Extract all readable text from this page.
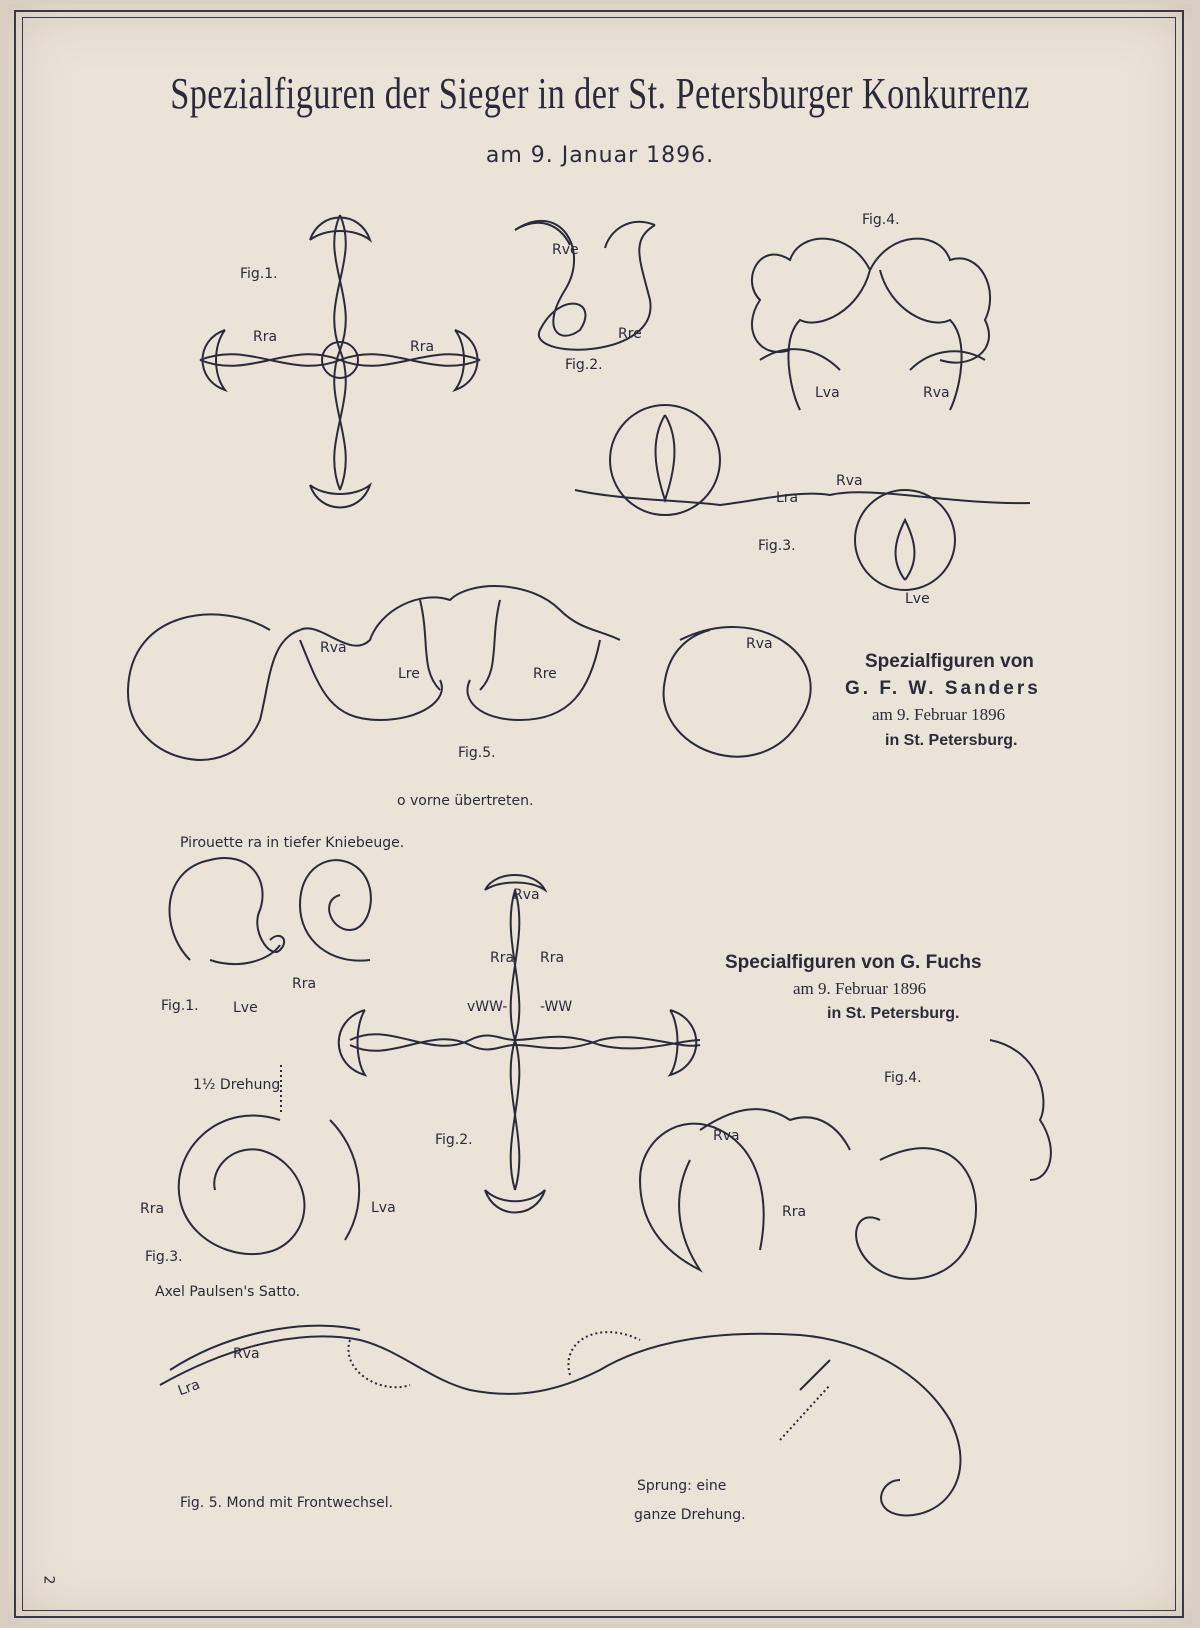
Spezialfiguren der Sieger in der St. Petersburger Konkurrenz
am 9. Januar 1896.
Fig.1.
Fig.2.
Fig.3.
Fig.4.
Fig.5.
o vorne übertreten.
Rra
Rra
Rve
Rre
Lva	Rva
Lra
Rva
Lve
Lre	Rre
Rva	Rva
Spezialfiguren von
G. F. W. Sanders
am 9. Februar 1896
in St. Petersburg.
Pirouette ra in tiefer Kniebeuge.
Fig.1. Lve
Rra
Rva
Rra Rra
vWW- -WW
Fig.2.
Specialfiguren von G. Fuchs
am 9. Februar 1896
in St. Petersburg.
1½ Drehung
Rra	Lva
Fig.3.
Axel Paulsen's Satto.
Fig.4.
Rva
Rra
Rva
Lra
Fig. 5. Mond mit Frontwechsel.
Sprung: eine
ganze Drehung.
2
